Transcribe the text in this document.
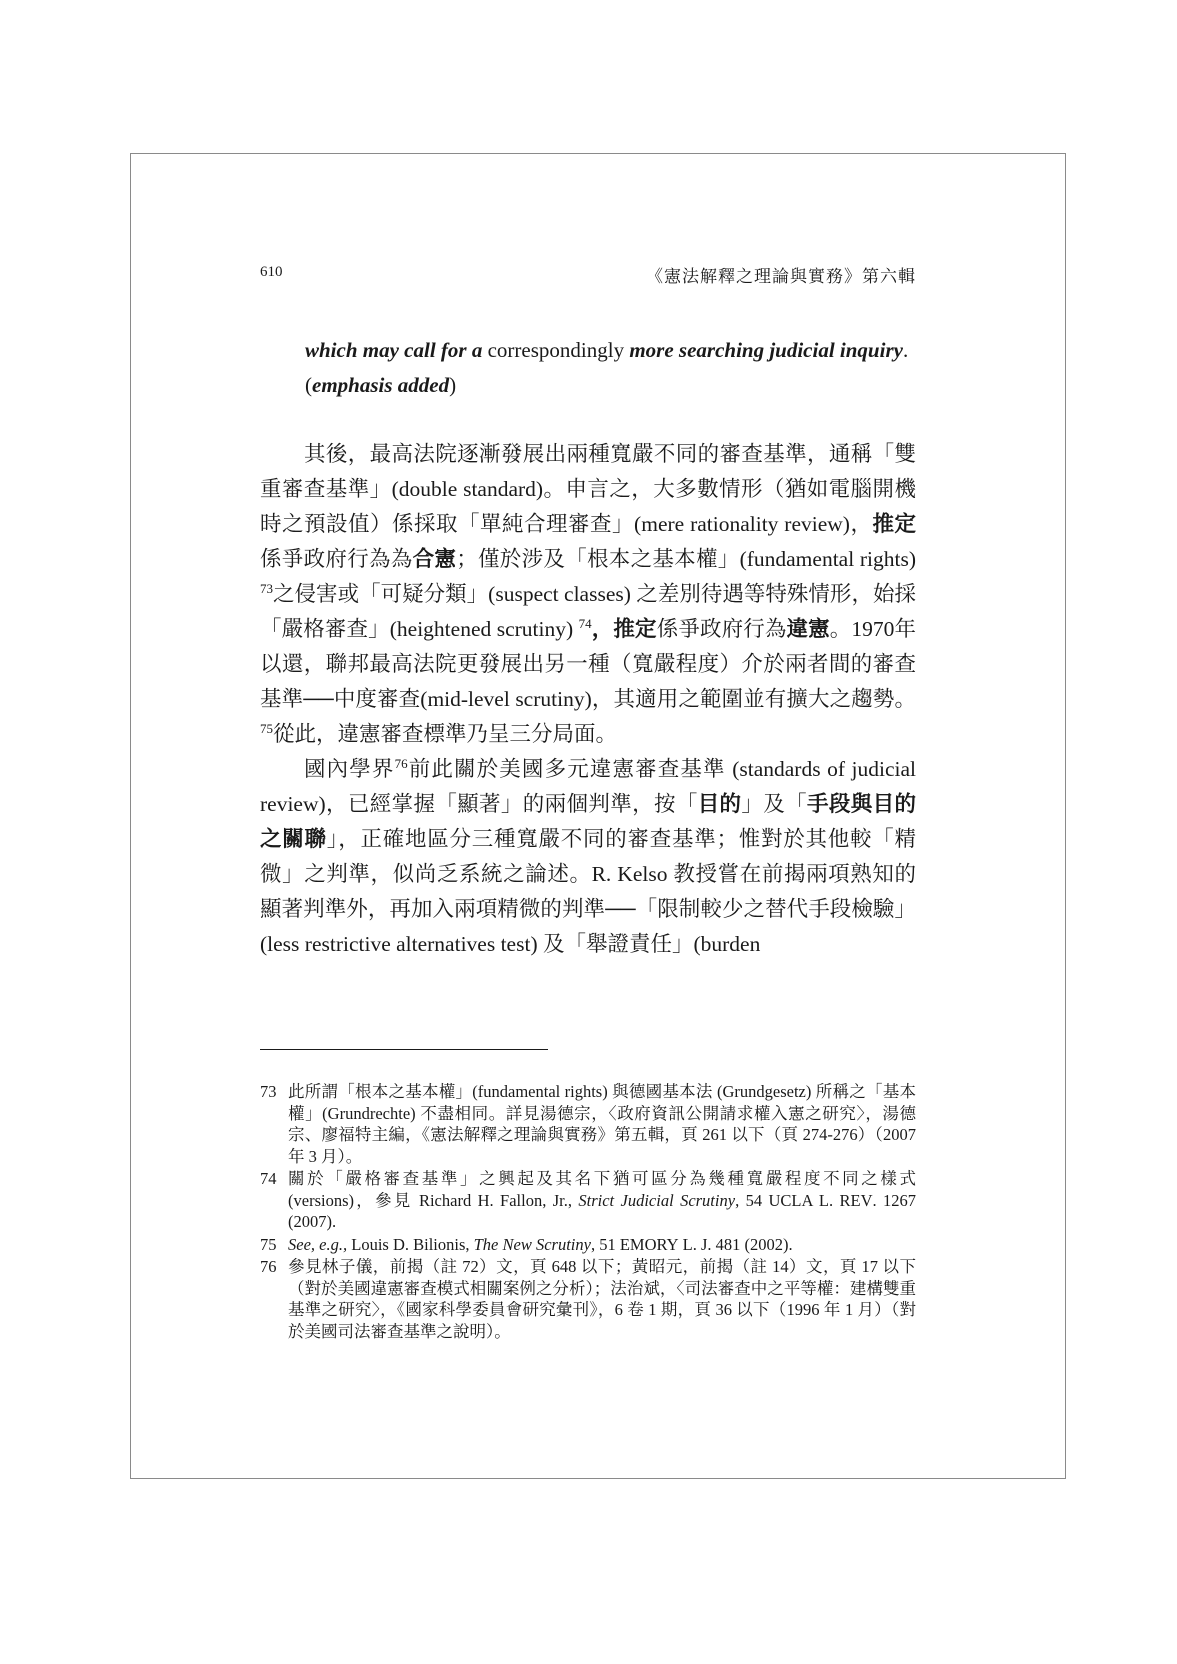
610	《憲法解釋之理論與實務》第六輯
which may call for a correspondingly more searching judicial inquiry. (emphasis added)

其後，最高法院逐漸發展出兩種寬嚴不同的審查基準，通稱「雙重審查基準」(double standard)。申言之，大多數情形（猶如電腦開機時之預設值）係採取「單純合理審查」(mere rationality review)，推定係爭政府行為為合憲；僅於涉及「根本之基本權」(fundamental rights) $^{73}$之侵害或「可疑分類」(suspect classes) 之差別待遇等特殊情形，始採「嚴格審查」(heightened scrutiny) $^{74}$，推定係爭政府行為違憲。1970年以還，聯邦最高法院更發展出另一種（寬嚴程度）介於兩者間的審查基準──中度審查(mid-level scrutiny)，其適用之範圍並有擴大之趨勢。$^{75}$從此，違憲審查標準乃呈三分局面。

國內學界$^{76}$前此關於美國多元違憲審查基準 (standards of judicial review)，已經掌握「顯著」的兩個判準，按「目的」及「手段與目的之關聯」，正確地區分三種寬嚴不同的審查基準；惟對於其他較「精微」之判準，似尚乏系統之論述。R. Kelso 教授嘗在前揭兩項熟知的顯著判準外，再加入兩項精微的判準──「限制較少之替代手段檢驗」(less restrictive alternatives test) 及「舉證責任」(burden

73 此所謂「根本之基本權」(fundamental rights) 與德國基本法 (Grundgesetz) 所稱之「基本權」(Grundrechte) 不盡相同。詳見湯德宗，〈政府資訊公開請求權入憲之研究〉，湯德宗、廖福特主編，《憲法解釋之理論與實務》第五輯，頁 261 以下（頁 274-276）（2007 年 3 月）。
74 關於「嚴格審查基準」之興起及其名下猶可區分為幾種寬嚴程度不同之樣式 (versions)，參見 Richard H. Fallon, Jr., Strict Judicial Scrutiny, 54 UCLA L. REV. 1267 (2007).
75 See, e.g., Louis D. Bilionis, The New Scrutiny, 51 EMORY L. J. 481 (2002).
76 參見林子儀，前揭（註 72）文，頁 648 以下；黃昭元，前揭（註 14）文，頁 17 以下（對於美國違憲審查模式相關案例之分析）；法治斌，〈司法審查中之平等權：建構雙重基準之研究〉，《國家科學委員會研究彙刊》，6 卷 1 期，頁 36 以下（1996 年 1 月）（對於美國司法審查基準之說明）。
